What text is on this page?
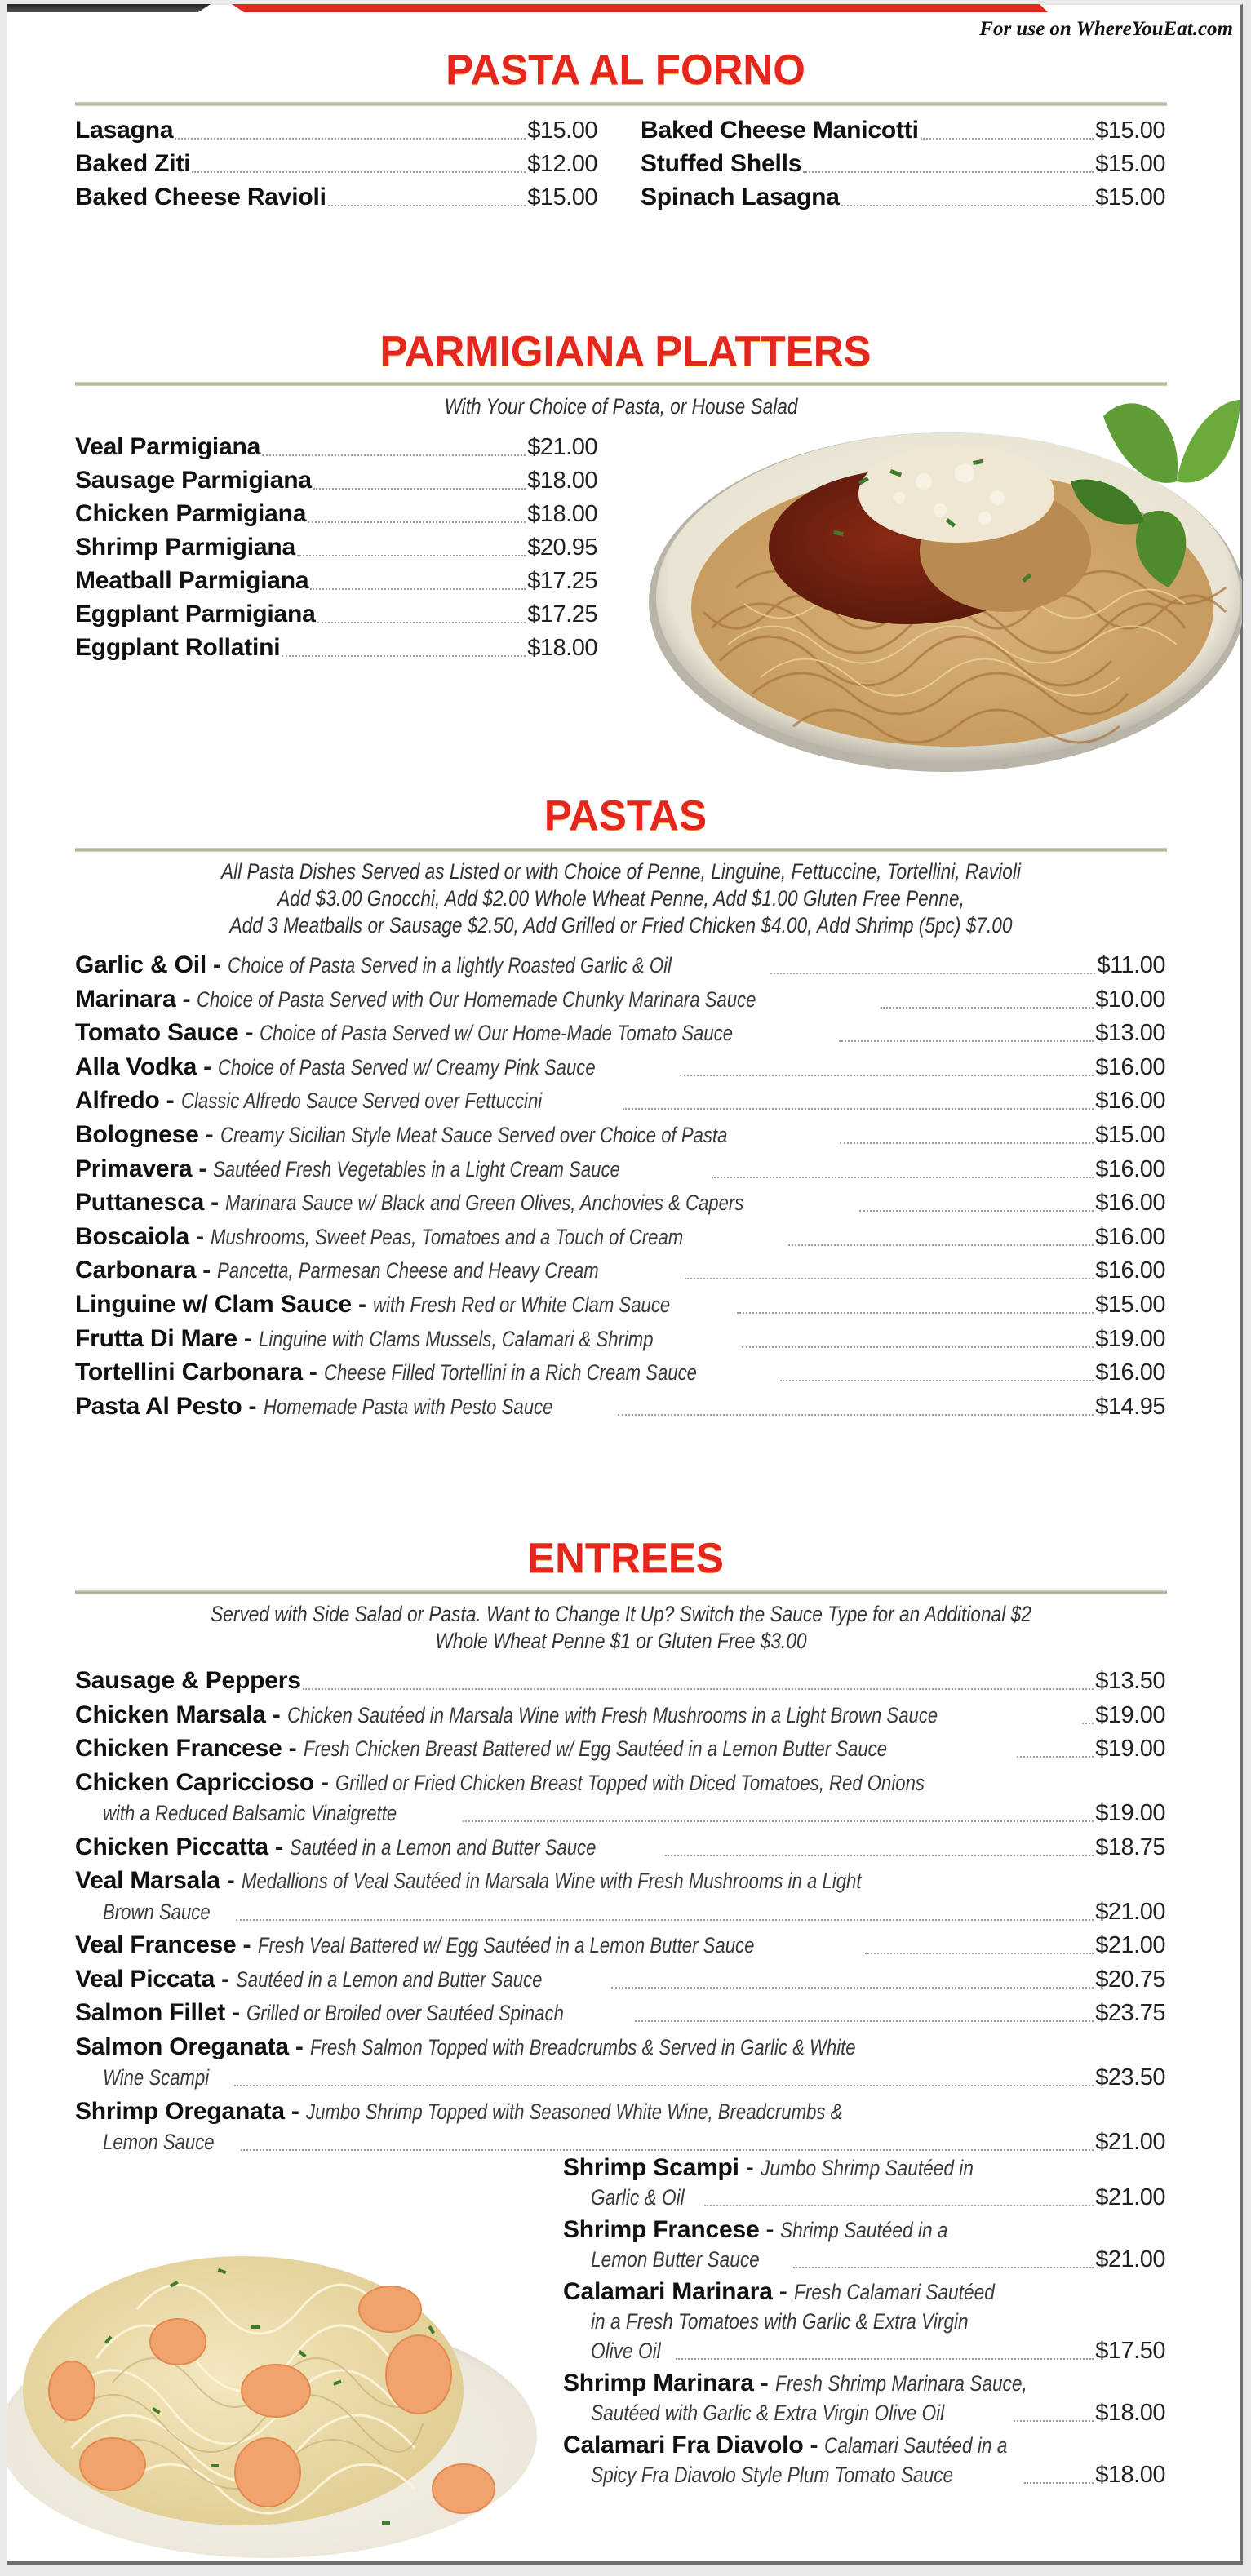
For use on WhereYouEat.com
PASTA AL FORNO
Lasagna	$15.00
Baked Ziti	$12.00
Baked Cheese Ravioli	$15.00
Baked Cheese Manicotti	$15.00
Stuffed Shells	$15.00
Spinach Lasagna	$15.00
PARMIGIANA PLATTERS
With Your Choice of Pasta, or House Salad
Veal Parmigiana	$21.00
Sausage Parmigiana	$18.00
Chicken Parmigiana	$18.00
Shrimp Parmigiana	$20.95
Meatball Parmigiana	$17.25
Eggplant Parmigiana	$17.25
Eggplant Rollatini	$18.00
PASTAS
All Pasta Dishes Served as Listed or with Choice of Penne, Linguine, Fettuccine, Tortellini, Ravioli
Add $3.00 Gnocchi, Add $2.00 Whole Wheat Penne, Add $1.00 Gluten Free Penne,
Add 3 Meatballs or Sausage $2.50, Add Grilled or Fried Chicken $4.00, Add Shrimp (5pc) $7.00
Garlic & Oil - Choice of Pasta Served in a lightly Roasted Garlic & Oil	$11.00
Marinara - Choice of Pasta Served with Our Homemade Chunky Marinara Sauce	$10.00
Tomato Sauce - Choice of Pasta Served w/ Our Home-Made Tomato Sauce	$13.00
Alla Vodka - Choice of Pasta Served w/ Creamy Pink Sauce	$16.00
Alfredo - Classic Alfredo Sauce Served over Fettuccini	$16.00
Bolognese - Creamy Sicilian Style Meat Sauce Served over Choice of Pasta	$15.00
Primavera - Sautéed Fresh Vegetables in a Light Cream Sauce	$16.00
Puttanesca - Marinara Sauce w/ Black and Green Olives, Anchovies & Capers	$16.00
Boscaiola - Mushrooms, Sweet Peas, Tomatoes and a Touch of Cream	$16.00
Carbonara - Pancetta, Parmesan Cheese and Heavy Cream	$16.00
Linguine w/ Clam Sauce - with Fresh Red or White Clam Sauce	$15.00
Frutta Di Mare - Linguine with Clams Mussels, Calamari & Shrimp	$19.00
Tortellini Carbonara - Cheese Filled Tortellini in a Rich Cream Sauce	$16.00
Pasta Al Pesto - Homemade Pasta with Pesto Sauce	$14.95
ENTREES
Served with Side Salad or Pasta. Want to Change It Up? Switch the Sauce Type for an Additional $2
Whole Wheat Penne $1 or Gluten Free $3.00
Sausage & Peppers	$13.50
Chicken Marsala - Chicken Sautéed in Marsala Wine with Fresh Mushrooms in a Light Brown Sauce	$19.00
Chicken Francese - Fresh Chicken Breast Battered w/ Egg Sautéed in a Lemon Butter Sauce	$19.00
Chicken Capriccioso - Grilled or Fried Chicken Breast Topped with Diced Tomatoes, Red Onions
with a Reduced Balsamic Vinaigrette	$19.00
Chicken Piccatta - Sautéed in a Lemon and Butter Sauce	$18.75
Veal Marsala - Medallions of Veal Sautéed in Marsala Wine with Fresh Mushrooms in a Light
Brown Sauce	$21.00
Veal Francese - Fresh Veal Battered w/ Egg Sautéed in a Lemon Butter Sauce	$21.00
Veal Piccata - Sautéed in a Lemon and Butter Sauce	$20.75
Salmon Fillet - Grilled or Broiled over Sautéed Spinach	$23.75
Salmon Oreganata - Fresh Salmon Topped with Breadcrumbs & Served in Garlic & White
Wine Scampi	$23.50
Shrimp Oreganata - Jumbo Shrimp Topped with Seasoned White Wine, Breadcrumbs &
Lemon Sauce	$21.00
Shrimp Scampi - Jumbo Shrimp Sautéed in
Garlic & Oil	$21.00
Shrimp Francese - Shrimp Sautéed in a
Lemon Butter Sauce	$21.00
Calamari Marinara - Fresh Calamari Sautéed
in a Fresh Tomatoes with Garlic & Extra Virgin
Olive Oil	$17.50
Shrimp Marinara - Fresh Shrimp Marinara Sauce,
Sautéed with Garlic & Extra Virgin Olive Oil	$18.00
Calamari Fra Diavolo - Calamari Sautéed in a
Spicy Fra Diavolo Style Plum Tomato Sauce	$18.00
